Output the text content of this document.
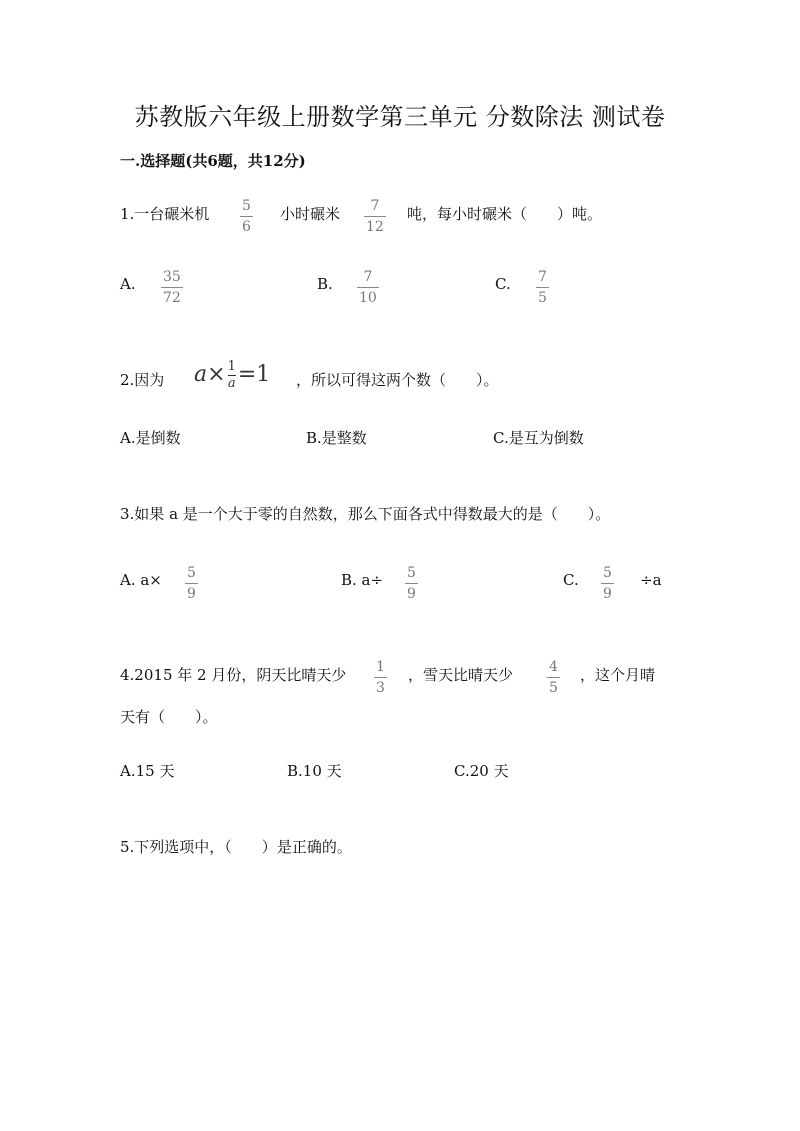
苏教版六年级上册数学第三单元 分数除法 测试卷
一.选择题(共6题，共12分)
1.一台碾米机 5
6
小时碾米 7
12
吨，每小时碾米（　　）吨。
A. 35
72
B. 7
10
C. 7
5
2.因为 $a\times \frac{1}{a} =1$ ，所以可得这两个数（　　）。
A.是倒数	B.是整数	C.是互为倒数
3.如果 a 是一个大于零的自然数，那么下面各式中得数最大的是（　　）。
A. a× 5
9
B. a÷ 5
9
C. 5
9
÷a
4.2015 年 2 月份，阴天比晴天少 1
3
，雪天比晴天少	4
5
，这个月晴
天有（　　）。
A.15 天	B.10 天	C.20 天
5.下列选项中，（　　）是正确的。
